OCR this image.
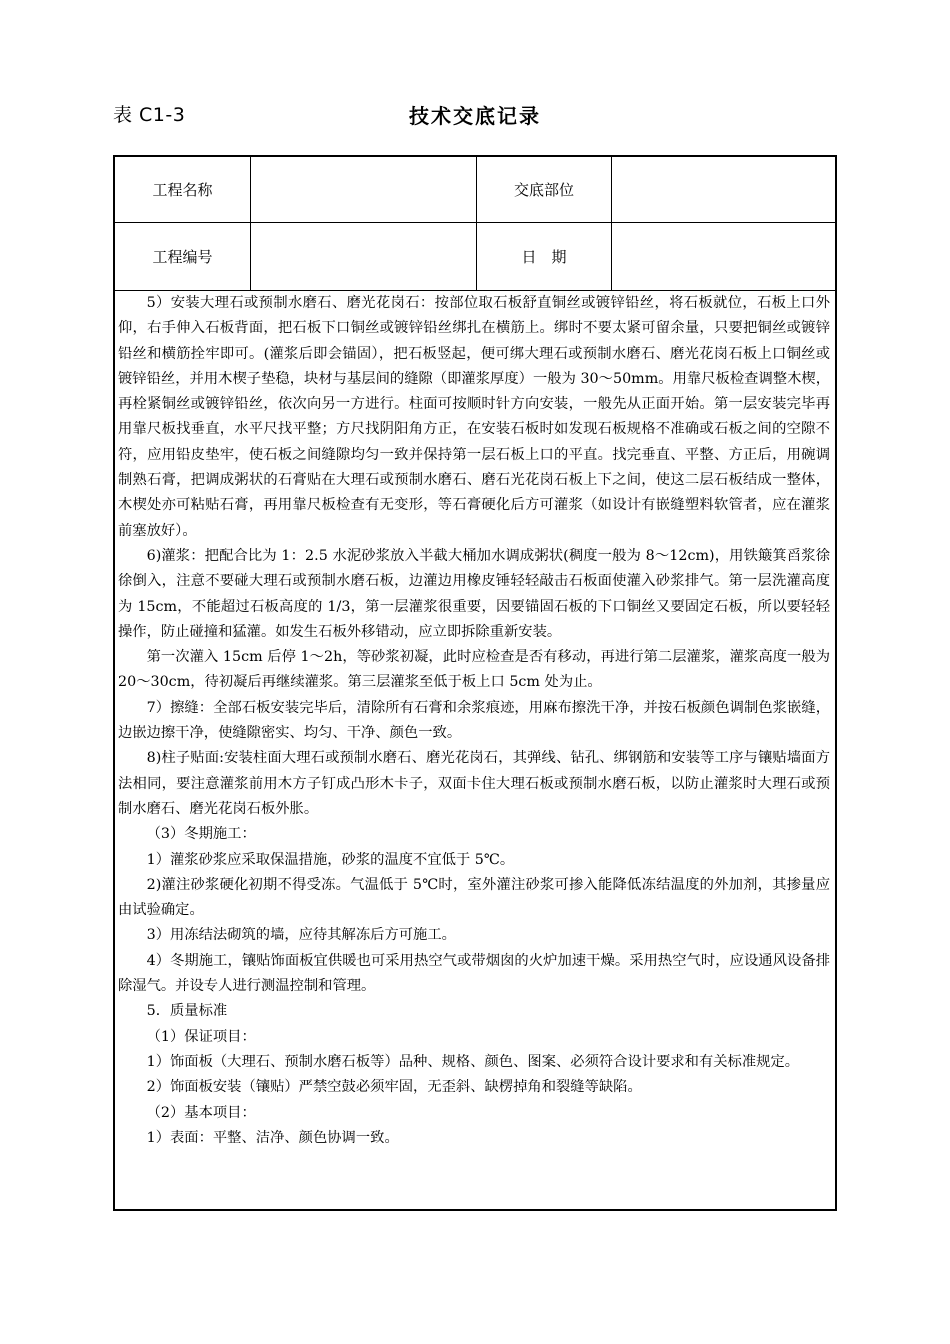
表 C1-3	技术交底记录
工程名称	交底部位
工程编号	日　期

5）安装大理石或预制水磨石、磨光花岗石：按部位取石板舒直铜丝或镀锌铅丝，将石板就位，石板上口外仰，右手伸入石板背面，把石板下口铜丝或镀锌铅丝绑扎在横筋上。绑时不要太紧可留余量，只要把铜丝或镀锌铅丝和横筋拴牢即可。(灌浆后即会锚固），把石板竖起，便可绑大理石或预制水磨石、磨光花岗石板上口铜丝或镀锌铅丝，并用木楔子垫稳，块材与基层间的缝隙（即灌浆厚度）一般为 30～50mm。用靠尺板检查调整木楔，再栓紧铜丝或镀锌铅丝，依次向另一方进行。柱面可按顺时针方向安装，一般先从正面开始。第一层安装完毕再用靠尺板找垂直，水平尺找平整；方尺找阴阳角方正，在安装石板时如发现石板规格不准确或石板之间的空隙不符，应用铅皮垫牢，使石板之间缝隙均匀一致并保持第一层石板上口的平直。找完垂直、平整、方正后，用碗调制熟石膏，把调成粥状的石膏贴在大理石或预制水磨石、磨石光花岗石板上下之间，使这二层石板结成一整体，木楔处亦可粘贴石膏，再用靠尺板检查有无变形，等石膏硬化后方可灌浆（如设计有嵌缝塑料软管者，应在灌浆前塞放好）。

6)灌浆：把配合比为 1：2.5 水泥砂浆放入半截大桶加水调成粥状(稠度一般为 8～12cm)，用铁簸箕舀浆徐徐倒入，注意不要碰大理石或预制水磨石板，边灌边用橡皮锤轻轻敲击石板面使灌入砂浆排气。第一层洗灌高度为 15cm，不能超过石板高度的 1/3，第一层灌浆很重要，因要锚固石板的下口铜丝又要固定石板，所以要轻轻操作，防止碰撞和猛灌。如发生石板外移错动，应立即拆除重新安装。

第一次灌入 15cm 后停 1～2h，等砂浆初凝，此时应检查是否有移动，再进行第二层灌浆，灌浆高度一般为 20～30cm，待初凝后再继续灌浆。第三层灌浆至低于板上口 5cm 处为止。

7）擦缝：全部石板安装完毕后，清除所有石膏和余浆痕迹，用麻布擦洗干净，并按石板颜色调制色浆嵌缝，边嵌边擦干净，使缝隙密实、均匀、干净、颜色一致。

8)柱子贴面:安装柱面大理石或预制水磨石、磨光花岗石，其弹线、钻孔、绑钢筋和安装等工序与镶贴墙面方法相同，要注意灌浆前用木方子钉成凸形木卡子，双面卡住大理石板或预制水磨石板，以防止灌浆时大理石或预制水磨石、磨光花岗石板外胀。

（3）冬期施工：

1）灌浆砂浆应采取保温措施，砂浆的温度不宜低于 5℃。

2)灌注砂浆硬化初期不得受冻。气温低于 5℃时，室外灌注砂浆可掺入能降低冻结温度的外加剂，其掺量应由试验确定。

3）用冻结法砌筑的墙，应待其解冻后方可施工。

4）冬期施工，镶贴饰面板宜供暖也可采用热空气或带烟囱的火炉加速干燥。采用热空气时，应设通风设备排除湿气。并设专人进行测温控制和管理。

5．质量标准

（1）保证项目：

1）饰面板（大理石、预制水磨石板等）品种、规格、颜色、图案、必须符合设计要求和有关标准规定。

2）饰面板安装（镶贴）严禁空鼓必须牢固，无歪斜、缺楞掉角和裂缝等缺陷。

（2）基本项目：

1）表面：平整、洁净、颜色协调一致。
